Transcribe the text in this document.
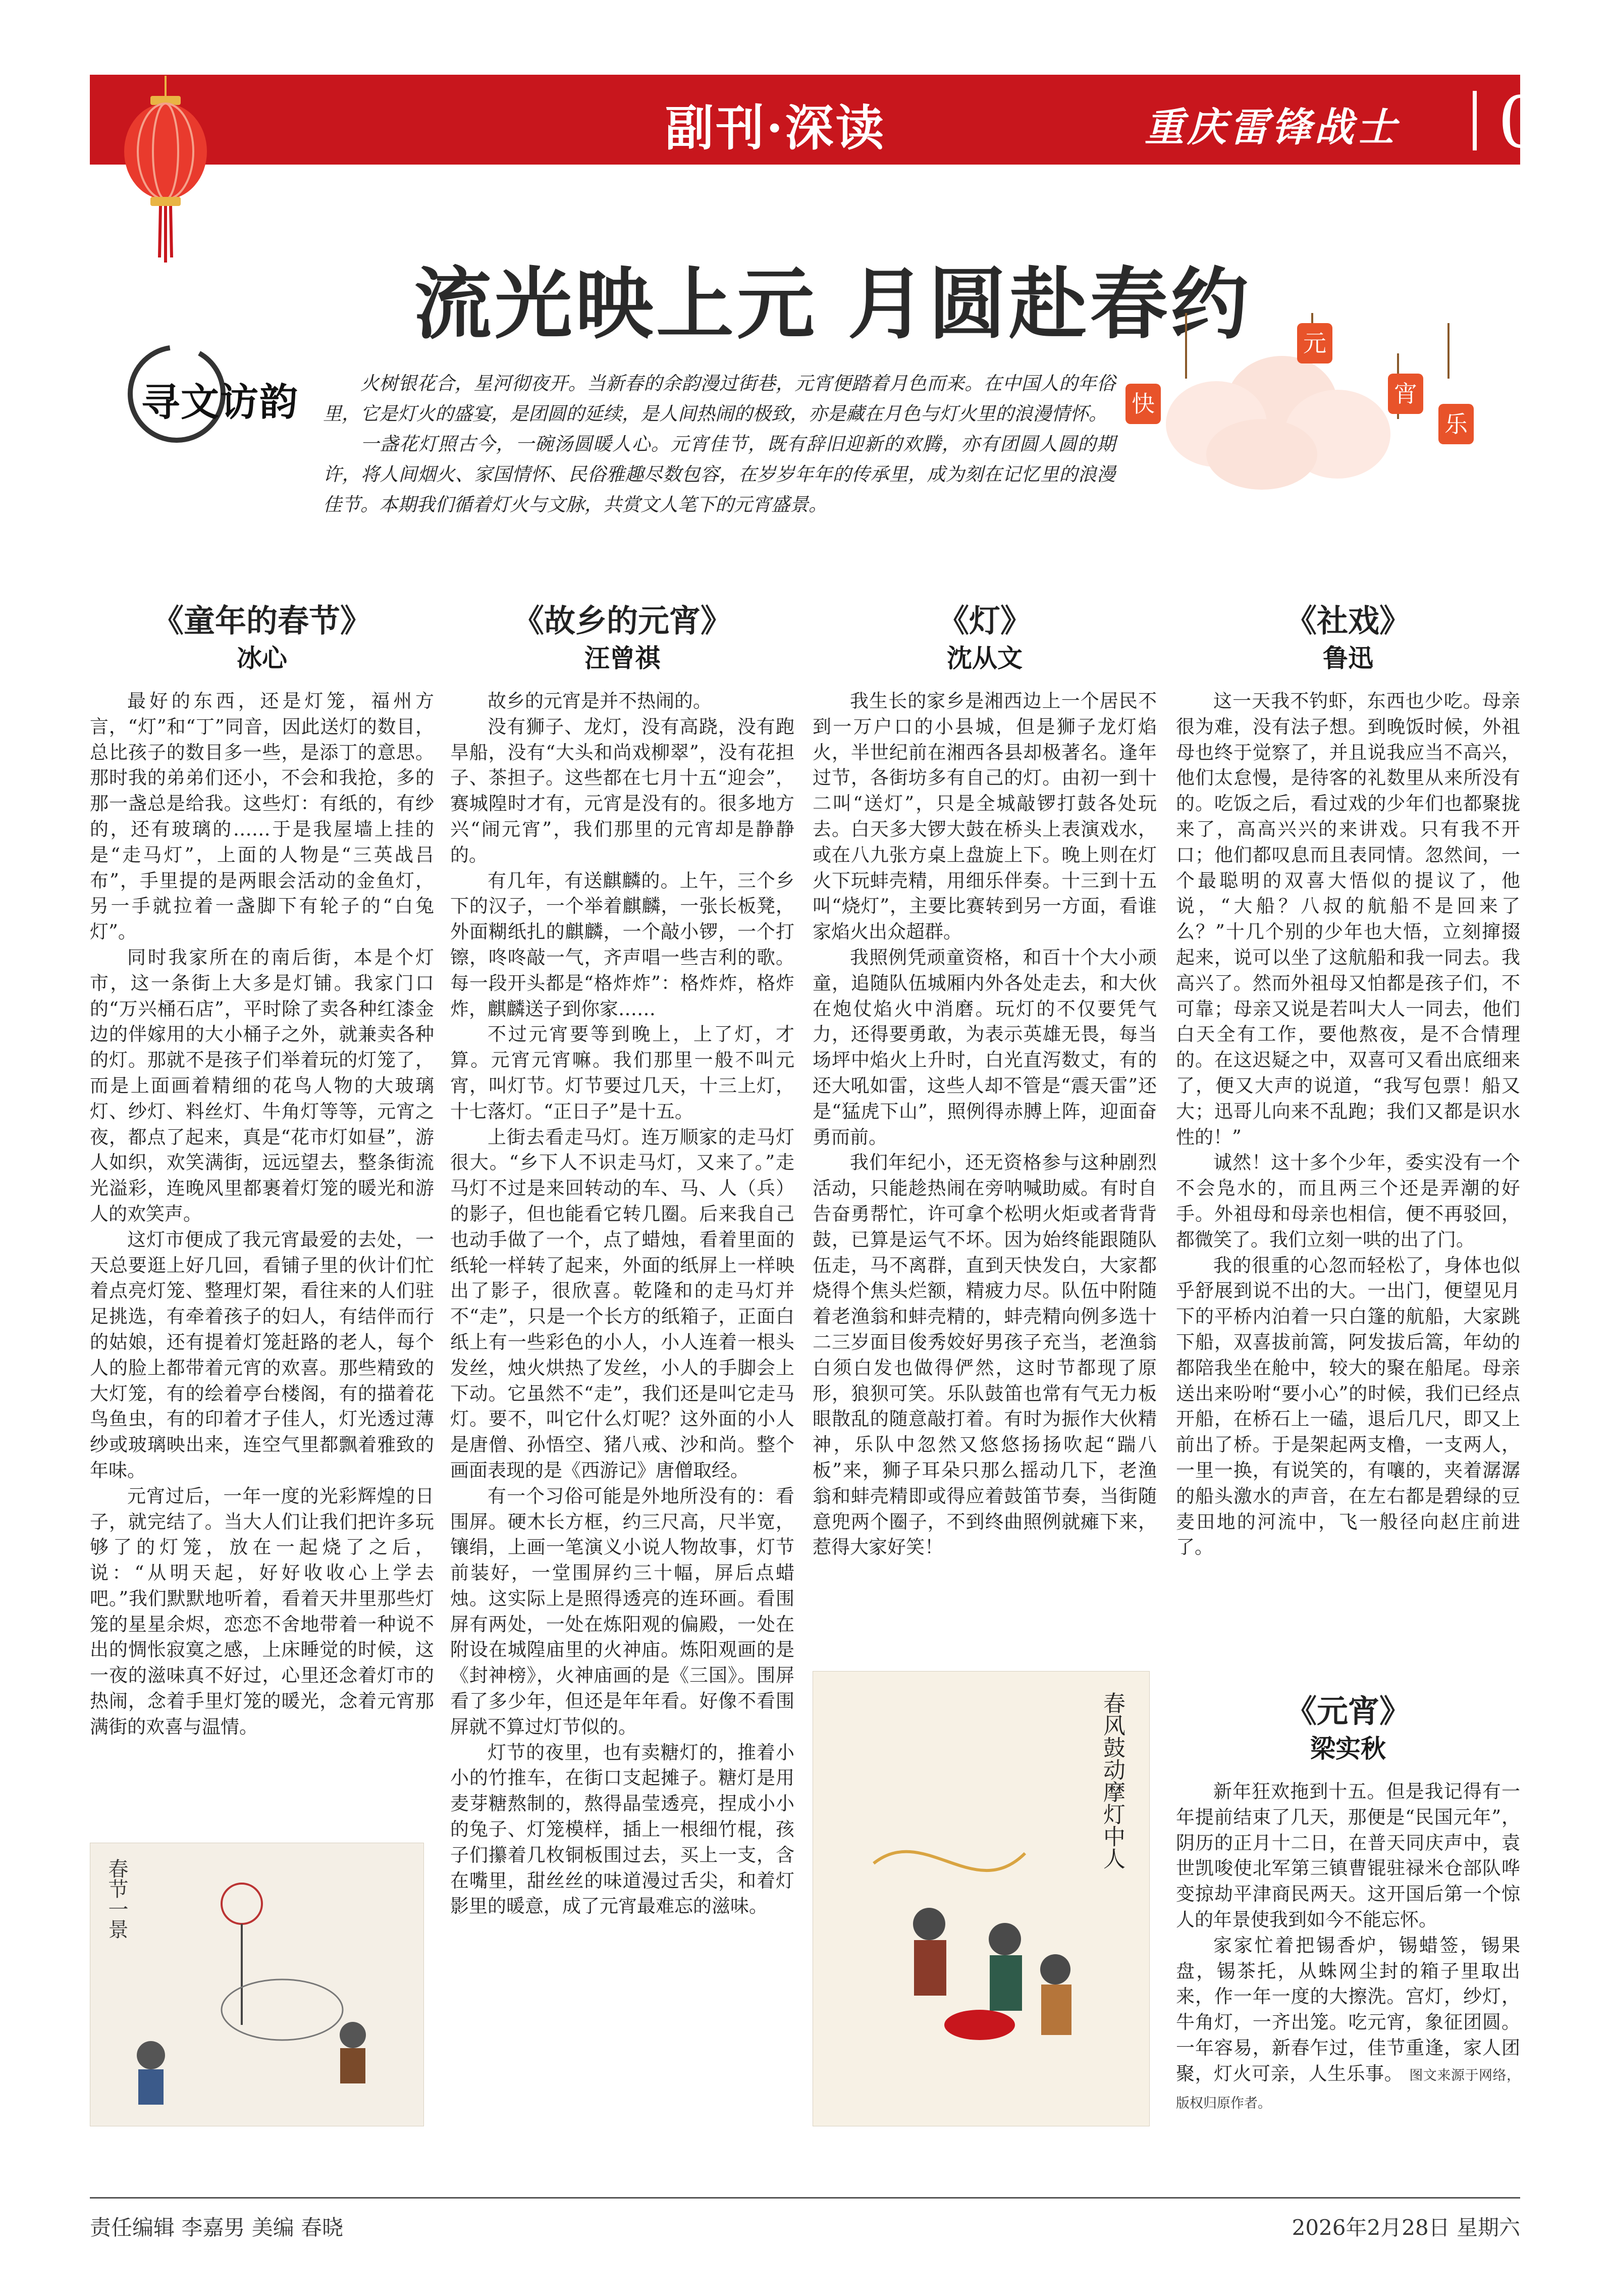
副刊·深读	重庆雷锋战士 07
流光映上元 月圆赴春约
寻文访韵	火树银花合，星河彻夜开。当新春的余韵漫过街巷，元宵便踏着月色而来。在中国人的年俗里，它是灯火的盛宴，是团圆的延续，是人间热闹的极致，亦是藏在月色与灯火里的浪漫情怀。

一盏花灯照古今，一碗汤圆暖人心。元宵佳节，既有辞旧迎新的欢腾，亦有团圆人圆的期许，将人间烟火、家国情怀、民俗雅趣尽数包容，在岁岁年年的传承里，成为刻在记忆里的浪漫佳节。本期我们循着灯火与文脉，共赏文人笔下的元宵盛景。

元
宵
快
乐
《童年的春节》
冰心

最好的东西，还是灯笼，福州方言，“灯”和“丁”同音，因此送灯的数目，总比孩子的数目多一些，是添丁的意思。那时我的弟弟们还小，不会和我抢，多的那一盏总是给我。这些灯：有纸的，有纱的，还有玻璃的……于是我屋墙上挂的是“走马灯”，上面的人物是“三英战吕布”，手里提的是两眼会活动的金鱼灯，另一手就拉着一盏脚下有轮子的“白兔灯”。

同时我家所在的南后街，本是个灯市，这一条街上大多是灯铺。我家门口的“万兴桶石店”，平时除了卖各种红漆金边的伴嫁用的大小桶子之外，就兼卖各种的灯。那就不是孩子们举着玩的灯笼了，而是上面画着精细的花鸟人物的大玻璃灯、纱灯、料丝灯、牛角灯等等，元宵之夜，都点了起来，真是“花市灯如昼”，游人如织，欢笑满街，远远望去，整条街流光溢彩，连晚风里都裹着灯笼的暖光和游人的欢笑声。

这灯市便成了我元宵最爱的去处，一天总要逛上好几回，看铺子里的伙计们忙着点亮灯笼、整理灯架，看往来的人们驻足挑选，有牵着孩子的妇人，有结伴而行的姑娘，还有提着灯笼赶路的老人，每个人的脸上都带着元宵的欢喜。那些精致的大灯笼，有的绘着亭台楼阁，有的描着花鸟鱼虫，有的印着才子佳人，灯光透过薄纱或玻璃映出来，连空气里都飘着雅致的年味。

元宵过后，一年一度的光彩辉煌的日子，就完结了。当大人们让我们把许多玩够了的灯笼，放在一起烧了之后，说：“从明天起，好好收收心上学去吧。”我们默默地听着，看着天井里那些灯笼的星星余烬，恋恋不舍地带着一种说不出的惆怅寂寞之感，上床睡觉的时候，这一夜的滋味真不好过，心里还念着灯市的热闹，念着手里灯笼的暖光，念着元宵那满街的欢喜与温情。

春节一景
《故乡的元宵》
汪曾祺

故乡的元宵是并不热闹的。

没有狮子、龙灯，没有高跷，没有跑旱船，没有“大头和尚戏柳翠”，没有花担子、茶担子。这些都在七月十五“迎会”，赛城隍时才有，元宵是没有的。很多地方兴“闹元宵”，我们那里的元宵却是静静的。

有几年，有送麒麟的。上午，三个乡下的汉子，一个举着麒麟，一张长板凳，外面糊纸扎的麒麟，一个敲小锣，一个打镲，咚咚敲一气，齐声唱一些吉利的歌。每一段开头都是“格炸炸”：格炸炸，格炸炸，麒麟送子到你家……

不过元宵要等到晚上，上了灯，才算。元宵元宵嘛。我们那里一般不叫元宵，叫灯节。灯节要过几天，十三上灯，十七落灯。“正日子”是十五。

上街去看走马灯。连万顺家的走马灯很大。“乡下人不识走马灯，又来了。”走马灯不过是来回转动的车、马、人（兵）的影子，但也能看它转几圈。后来我自己也动手做了一个，点了蜡烛，看着里面的纸轮一样转了起来，外面的纸屏上一样映出了影子，很欣喜。乾隆和的走马灯并不“走”，只是一个长方的纸箱子，正面白纸上有一些彩色的小人，小人连着一根头发丝，烛火烘热了发丝，小人的手脚会上下动。它虽然不“走”，我们还是叫它走马灯。要不，叫它什么灯呢？这外面的小人是唐僧、孙悟空、猪八戒、沙和尚。整个画面表现的是《西游记》唐僧取经。

有一个习俗可能是外地所没有的：看围屏。硬木长方框，约三尺高，尺半宽，镶绢，上画一笔演义小说人物故事，灯节前装好，一堂围屏约三十幅，屏后点蜡烛。这实际上是照得透亮的连环画。看围屏有两处，一处在炼阳观的偏殿，一处在附设在城隍庙里的火神庙。炼阳观画的是《封神榜》，火神庙画的是《三国》。围屏看了多少年，但还是年年看。好像不看围屏就不算过灯节似的。

灯节的夜里，也有卖糖灯的，推着小小的竹推车，在街口支起摊子。糖灯是用麦芽糖熬制的，熬得晶莹透亮，捏成小小的兔子、灯笼模样，插上一根细竹棍，孩子们攥着几枚铜板围过去，买上一支，含在嘴里，甜丝丝的味道漫过舌尖，和着灯影里的暖意，成了元宵最难忘的滋味。

《灯》
沈从文

我生长的家乡是湘西边上一个居民不到一万户口的小县城，但是狮子龙灯焰火，半世纪前在湘西各县却极著名。逢年过节，各街坊多有自己的灯。由初一到十二叫“送灯”，只是全城敲锣打鼓各处玩去。白天多大锣大鼓在桥头上表演戏水，或在八九张方桌上盘旋上下。晚上则在灯火下玩蚌壳精，用细乐伴奏。十三到十五叫“烧灯”，主要比赛转到另一方面，看谁家焰火出众超群。

我照例凭顽童资格，和百十个大小顽童，追随队伍城厢内外各处走去，和大伙在炮仗焰火中消磨。玩灯的不仅要凭气力，还得要勇敢，为表示英雄无畏，每当场坪中焰火上升时，白光直泻数丈，有的还大吼如雷，这些人却不管是“震天雷”还是“猛虎下山”，照例得赤膊上阵，迎面奋勇而前。

我们年纪小，还无资格参与这种剧烈活动，只能趁热闹在旁呐喊助威。有时自告奋勇帮忙，许可拿个松明火炬或者背背鼓，已算是运气不坏。因为始终能跟随队伍走，马不离群，直到天快发白，大家都烧得个焦头烂额，精疲力尽。队伍中附随着老渔翁和蚌壳精的，蚌壳精向例多选十二三岁面目俊秀姣好男孩子充当，老渔翁白须白发也做得俨然，这时节都现了原形，狼狈可笑。乐队鼓笛也常有气无力板眼散乱的随意敲打着。有时为振作大伙精神，乐队中忽然又悠悠扬扬吹起“踹八板”来，狮子耳朵只那么摇动几下，老渔翁和蚌壳精即或得应着鼓笛节奏，当街随意兜两个圈子，不到终曲照例就瘫下来，惹得大家好笑！

春风鼓动摩灯中人
《社戏》
鲁迅

这一天我不钓虾，东西也少吃。母亲很为难，没有法子想。到晚饭时候，外祖母也终于觉察了，并且说我应当不高兴，他们太怠慢，是待客的礼数里从来所没有的。吃饭之后，看过戏的少年们也都聚拢来了，高高兴兴的来讲戏。只有我不开口；他们都叹息而且表同情。忽然间，一个最聪明的双喜大悟似的提议了，他说，“大船？八叔的航船不是回来了么？”十几个别的少年也大悟，立刻撺掇起来，说可以坐了这航船和我一同去。我高兴了。然而外祖母又怕都是孩子们，不可靠；母亲又说是若叫大人一同去，他们白天全有工作，要他熬夜，是不合情理的。在这迟疑之中，双喜可又看出底细来了，便又大声的说道，“我写包票！船又大；迅哥儿向来不乱跑；我们又都是识水性的！”

诚然！这十多个少年，委实没有一个不会凫水的，而且两三个还是弄潮的好手。外祖母和母亲也相信，便不再驳回，都微笑了。我们立刻一哄的出了门。

我的很重的心忽而轻松了，身体也似乎舒展到说不出的大。一出门，便望见月下的平桥内泊着一只白篷的航船，大家跳下船，双喜拔前篙，阿发拔后篙，年幼的都陪我坐在舱中，较大的聚在船尾。母亲送出来吩咐“要小心”的时候，我们已经点开船，在桥石上一磕，退后几尺，即又上前出了桥。于是架起两支橹，一支两人，一里一换，有说笑的，有嚷的，夹着潺潺的船头激水的声音，在左右都是碧绿的豆麦田地的河流中，飞一般径向赵庄前进了。

《元宵》
梁实秋

新年狂欢拖到十五。但是我记得有一年提前结束了几天，那便是“民国元年”，阴历的正月十二日，在普天同庆声中，袁世凯唆使北军第三镇曹锟驻禄米仓部队哗变掠劫平津商民两天。这开国后第一个惊人的年景使我到如今不能忘怀。

家家忙着把锡香炉，锡蜡签，锡果盘，锡茶托，从蛛网尘封的箱子里取出来，作一年一度的大擦洗。宫灯，纱灯，牛角灯，一齐出笼。吃元宵，象征团圆。一年容易，新春乍过，佳节重逢，家人团聚，灯火可亲，人生乐事。 图文来源于网络，版权归原作者。

责任编辑 李嘉男 美编 春晓	2026年2月28日 星期六
